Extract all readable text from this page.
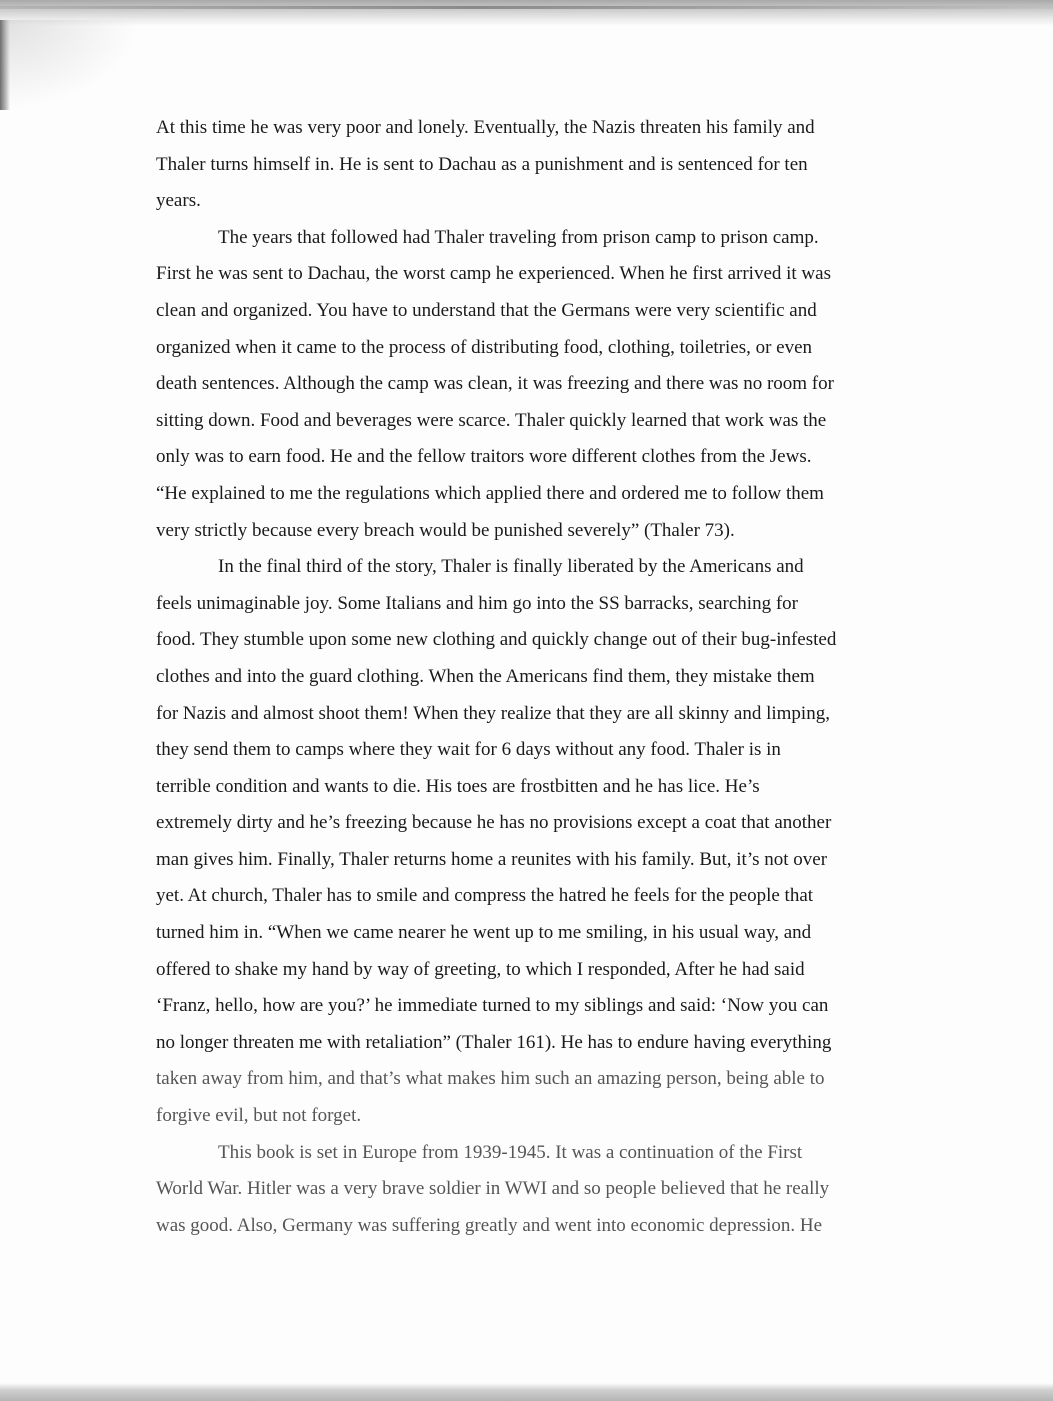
At this time he was very poor and lonely. Eventually, the Nazis threaten his family and
Thaler turns himself in. He is sent to Dachau as a punishment and is sentenced for ten
years.

The years that followed had Thaler traveling from prison camp to prison camp.
First he was sent to Dachau, the worst camp he experienced. When he first arrived it was
clean and organized. You have to understand that the Germans were very scientific and
organized when it came to the process of distributing food, clothing, toiletries, or even
death sentences. Although the camp was clean, it was freezing and there was no room for
sitting down. Food and beverages were scarce. Thaler quickly learned that work was the
only was to earn food. He and the fellow traitors wore different clothes from the Jews.
“He explained to me the regulations which applied there and ordered me to follow them
very strictly because every breach would be punished severely” (Thaler 73).

In the final third of the story, Thaler is finally liberated by the Americans and
feels unimaginable joy. Some Italians and him go into the SS barracks, searching for
food. They stumble upon some new clothing and quickly change out of their bug-infested
clothes and into the guard clothing. When the Americans find them, they mistake them
for Nazis and almost shoot them! When they realize that they are all skinny and limping,
they send them to camps where they wait for 6 days without any food. Thaler is in
terrible condition and wants to die. His toes are frostbitten and he has lice. He’s
extremely dirty and he’s freezing because he has no provisions except a coat that another
man gives him. Finally, Thaler returns home a reunites with his family. But, it’s not over
yet. At church, Thaler has to smile and compress the hatred he feels for the people that
turned him in. “When we came nearer he went up to me smiling, in his usual way, and
offered to shake my hand by way of greeting, to which I responded, After he had said
‘Franz, hello, how are you?’ he immediate turned to my siblings and said: ‘Now you can
no longer threaten me with retaliation” (Thaler 161). He has to endure having everything
taken away from him, and that’s what makes him such an amazing person, being able to
forgive evil, but not forget.

This book is set in Europe from 1939-1945. It was a continuation of the First
World War. Hitler was a very brave soldier in WWI and so people believed that he really
was good. Also, Germany was suffering greatly and went into economic depression. He
